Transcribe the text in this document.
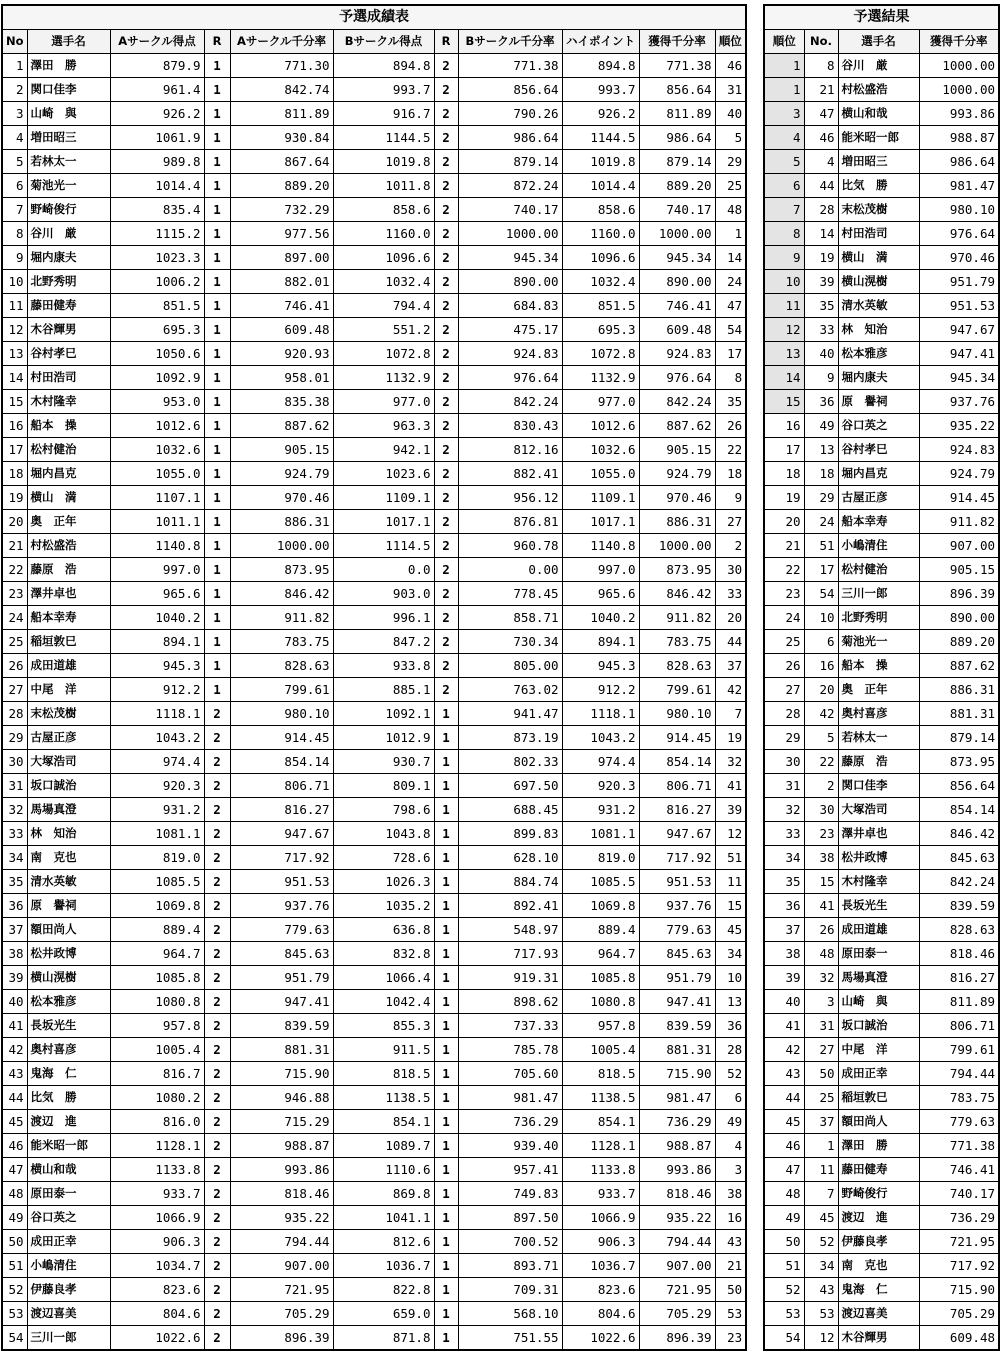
予選成績表										
No	選手名	Aサークル得点	R	Aサークル千分率	Bサークル得点	R	Bサークル千分率	ハイポイント	獲得千分率	順位
1	澤田　勝	879.9	1	771.30	894.8	2	771.38	894.8	771.38	46
2	関口佳李	961.4	1	842.74	993.7	2	856.64	993.7	856.64	31
3	山崎　與	926.2	1	811.89	916.7	2	790.26	926.2	811.89	40
4	増田昭三	1061.9	1	930.84	1144.5	2	986.64	1144.5	986.64	5
5	若林太一	989.8	1	867.64	1019.8	2	879.14	1019.8	879.14	29
6	菊池光一	1014.4	1	889.20	1011.8	2	872.24	1014.4	889.20	25
7	野崎俊行	835.4	1	732.29	858.6	2	740.17	858.6	740.17	48
8	谷川　厳	1115.2	1	977.56	1160.0	2	1000.00	1160.0	1000.00	1
9	堀内康夫	1023.3	1	897.00	1096.6	2	945.34	1096.6	945.34	14
10	北野秀明	1006.2	1	882.01	1032.4	2	890.00	1032.4	890.00	24
11	藤田健寿	851.5	1	746.41	794.4	2	684.83	851.5	746.41	47
12	木谷輝男	695.3	1	609.48	551.2	2	475.17	695.3	609.48	54
13	谷村孝巳	1050.6	1	920.93	1072.8	2	924.83	1072.8	924.83	17
14	村田浩司	1092.9	1	958.01	1132.9	2	976.64	1132.9	976.64	8
15	木村隆幸	953.0	1	835.38	977.0	2	842.24	977.0	842.24	35
16	船本　操	1012.6	1	887.62	963.3	2	830.43	1012.6	887.62	26
17	松村健治	1032.6	1	905.15	942.1	2	812.16	1032.6	905.15	22
18	堀内昌克	1055.0	1	924.79	1023.6	2	882.41	1055.0	924.79	18
19	横山　満	1107.1	1	970.46	1109.1	2	956.12	1109.1	970.46	9
20	奥　正年	1011.1	1	886.31	1017.1	2	876.81	1017.1	886.31	27
21	村松盛浩	1140.8	1	1000.00	1114.5	2	960.78	1140.8	1000.00	2
22	藤原　浩	997.0	1	873.95	0.0	2	0.00	997.0	873.95	30
23	澤井卓也	965.6	1	846.42	903.0	2	778.45	965.6	846.42	33
24	船本幸寿	1040.2	1	911.82	996.1	2	858.71	1040.2	911.82	20
25	稲垣敦巳	894.1	1	783.75	847.2	2	730.34	894.1	783.75	44
26	成田道雄	945.3	1	828.63	933.8	2	805.00	945.3	828.63	37
27	中尾　洋	912.2	1	799.61	885.1	2	763.02	912.2	799.61	42
28	末松茂樹	1118.1	2	980.10	1092.1	1	941.47	1118.1	980.10	7
29	古屋正彦	1043.2	2	914.45	1012.9	1	873.19	1043.2	914.45	19
30	大塚浩司	974.4	2	854.14	930.7	1	802.33	974.4	854.14	32
31	坂口誠治	920.3	2	806.71	809.1	1	697.50	920.3	806.71	41
32	馬場真澄	931.2	2	816.27	798.6	1	688.45	931.2	816.27	39
33	林　知治	1081.1	2	947.67	1043.8	1	899.83	1081.1	947.67	12
34	南　克也	819.0	2	717.92	728.6	1	628.10	819.0	717.92	51
35	清水英敏	1085.5	2	951.53	1026.3	1	884.74	1085.5	951.53	11
36	原　譽祠	1069.8	2	937.76	1035.2	1	892.41	1069.8	937.76	15
37	額田尚人	889.4	2	779.63	636.8	1	548.97	889.4	779.63	45
38	松井政博	964.7	2	845.63	832.8	1	717.93	964.7	845.63	34
39	横山滉樹	1085.8	2	951.79	1066.4	1	919.31	1085.8	951.79	10
40	松本雅彦	1080.8	2	947.41	1042.4	1	898.62	1080.8	947.41	13
41	長坂光生	957.8	2	839.59	855.3	1	737.33	957.8	839.59	36
42	奥村喜彦	1005.4	2	881.31	911.5	1	785.78	1005.4	881.31	28
43	鬼海　仁	816.7	2	715.90	818.5	1	705.60	818.5	715.90	52
44	比気　勝	1080.2	2	946.88	1138.5	1	981.47	1138.5	981.47	6
45	渡辺　進	816.0	2	715.29	854.1	1	736.29	854.1	736.29	49
46	能米昭一郎	1128.1	2	988.87	1089.7	1	939.40	1128.1	988.87	4
47	横山和哉	1133.8	2	993.86	1110.6	1	957.41	1133.8	993.86	3
48	原田泰一	933.7	2	818.46	869.8	1	749.83	933.7	818.46	38
49	谷口英之	1066.9	2	935.22	1041.1	1	897.50	1066.9	935.22	16
50	成田正幸	906.3	2	794.44	812.6	1	700.52	906.3	794.44	43
51	小嶋清住	1034.7	2	907.00	1036.7	1	893.71	1036.7	907.00	21
52	伊藤良孝	823.6	2	721.95	822.8	1	709.31	823.6	721.95	50
53	渡辺喜美	804.6	2	705.29	659.0	1	568.10	804.6	705.29	53
54	三川一郎	1022.6	2	896.39	871.8	1	751.55	1022.6	896.39	23
予選結果			
順位	No.	選手名	獲得千分率
1	8	谷川　厳	1000.00
1	21	村松盛浩	1000.00
3	47	横山和哉	993.86
4	46	能米昭一郎	988.87
5	4	増田昭三	986.64
6	44	比気　勝	981.47
7	28	末松茂樹	980.10
8	14	村田浩司	976.64
9	19	横山　満	970.46
10	39	横山滉樹	951.79
11	35	清水英敏	951.53
12	33	林　知治	947.67
13	40	松本雅彦	947.41
14	9	堀内康夫	945.34
15	36	原　譽祠	937.76
16	49	谷口英之	935.22
17	13	谷村孝巳	924.83
18	18	堀内昌克	924.79
19	29	古屋正彦	914.45
20	24	船本幸寿	911.82
21	51	小嶋清住	907.00
22	17	松村健治	905.15
23	54	三川一郎	896.39
24	10	北野秀明	890.00
25	6	菊池光一	889.20
26	16	船本　操	887.62
27	20	奥　正年	886.31
28	42	奥村喜彦	881.31
29	5	若林太一	879.14
30	22	藤原　浩	873.95
31	2	関口佳李	856.64
32	30	大塚浩司	854.14
33	23	澤井卓也	846.42
34	38	松井政博	845.63
35	15	木村隆幸	842.24
36	41	長坂光生	839.59
37	26	成田道雄	828.63
38	48	原田泰一	818.46
39	32	馬場真澄	816.27
40	3	山崎　與	811.89
41	31	坂口誠治	806.71
42	27	中尾　洋	799.61
43	50	成田正幸	794.44
44	25	稲垣敦巳	783.75
45	37	額田尚人	779.63
46	1	澤田　勝	771.38
47	11	藤田健寿	746.41
48	7	野崎俊行	740.17
49	45	渡辺　進	736.29
50	52	伊藤良孝	721.95
51	34	南　克也	717.92
52	43	鬼海　仁	715.90
53	53	渡辺喜美	705.29
54	12	木谷輝男	609.48
